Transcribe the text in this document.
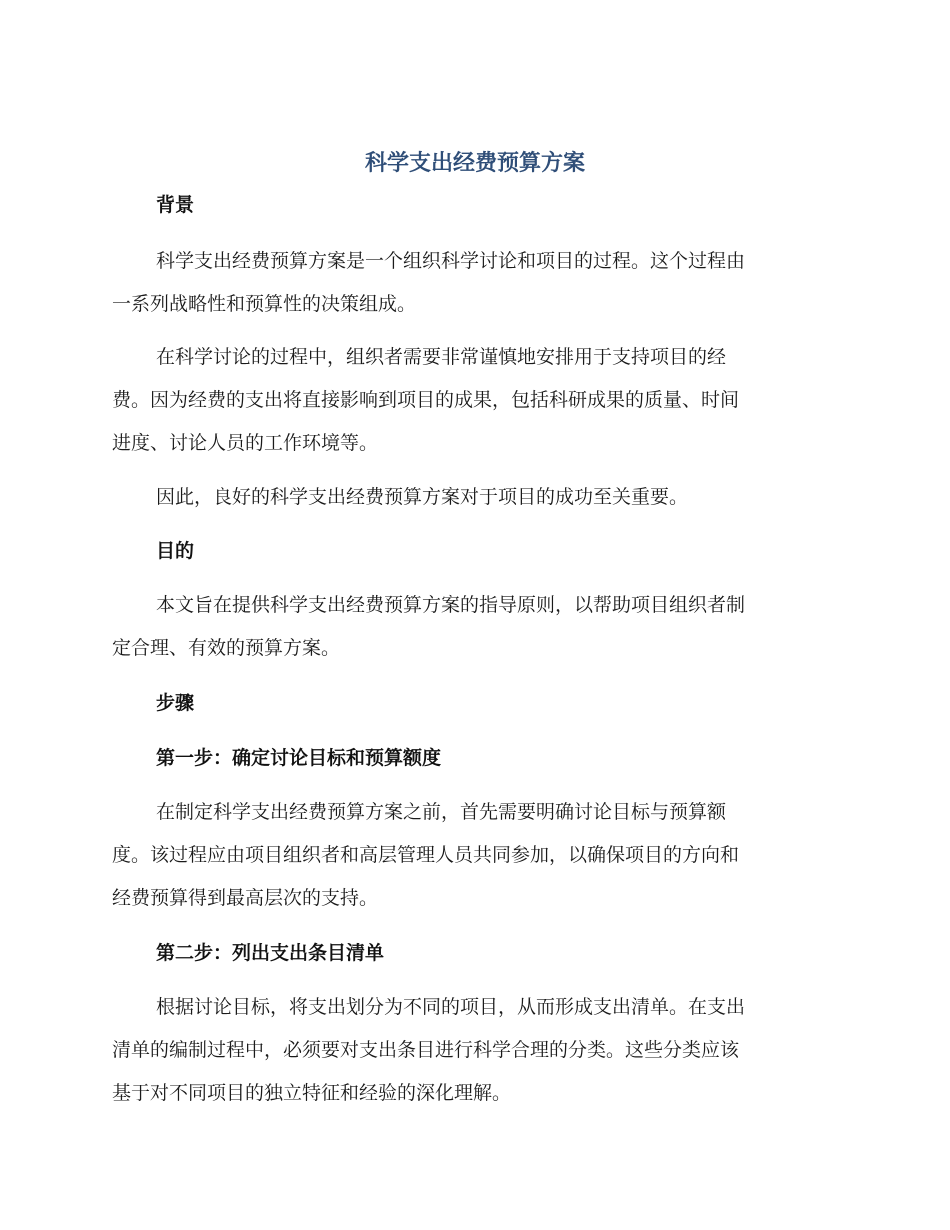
科学支出经费预算方案
背景
科学支出经费预算方案是一个组织科学讨论和项目的过程。这个过程由
一系列战略性和预算性的决策组成。
在科学讨论的过程中，组织者需要非常谨慎地安排用于支持项目的经
费。因为经费的支出将直接影响到项目的成果，包括科研成果的质量、时间
进度、讨论人员的工作环境等。
因此，良好的科学支出经费预算方案对于项目的成功至关重要。
目的
本文旨在提供科学支出经费预算方案的指导原则，以帮助项目组织者制
定合理、有效的预算方案。
步骤
第一步：确定讨论目标和预算额度
在制定科学支出经费预算方案之前，首先需要明确讨论目标与预算额
度。该过程应由项目组织者和高层管理人员共同参加，以确保项目的方向和
经费预算得到最高层次的支持。
第二步：列出支出条目清单
根据讨论目标，将支出划分为不同的项目，从而形成支出清单。在支出
清单的编制过程中，必须要对支出条目进行科学合理的分类。这些分类应该
基于对不同项目的独立特征和经验的深化理解。
